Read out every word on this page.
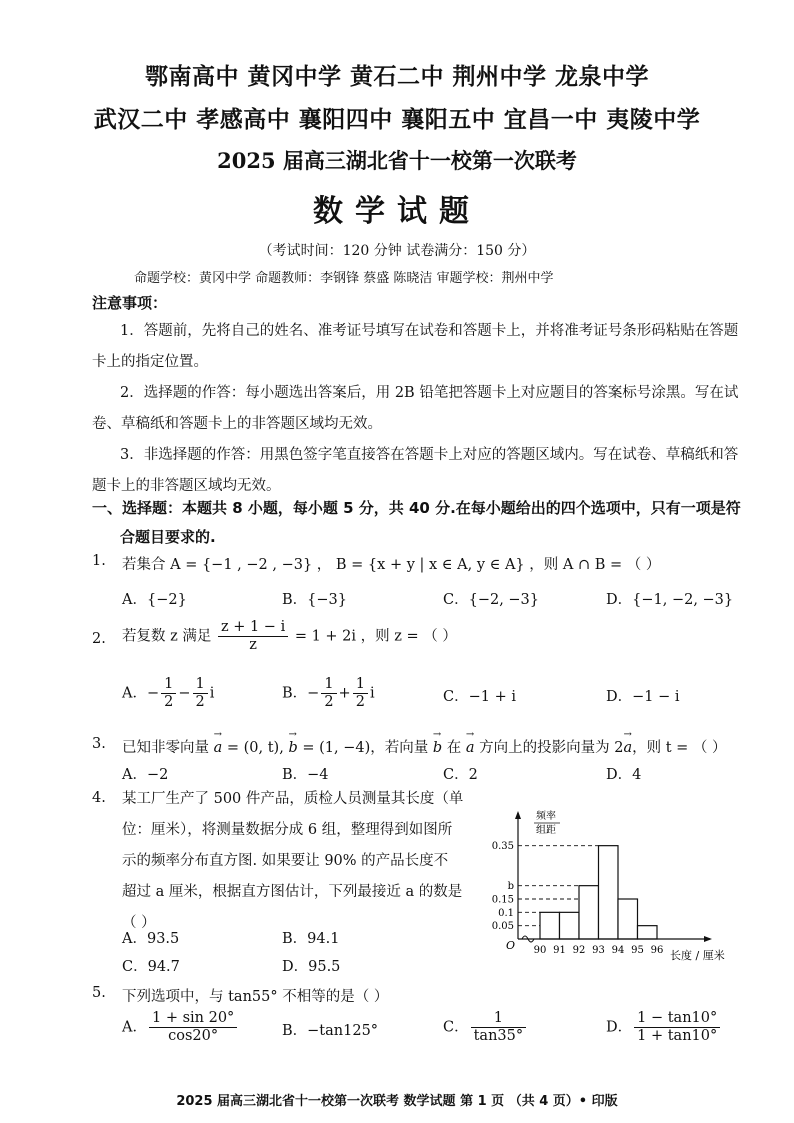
鄂南高中 黄冈中学 黄石二中 荆州中学 龙泉中学
武汉二中 孝感高中 襄阳四中 襄阳五中 宜昌一中 夷陵中学
2025 届高三湖北省十一校第一次联考
数学试题
（考试时间：120 分钟 试卷满分：150 分）
命题学校：黄冈中学 命题教师：李钢锋 蔡盛 陈晓洁 审题学校：荆州中学
注意事项：
1．答题前，先将自己的姓名、准考证号填写在试卷和答题卡上，并将准考证号条形码粘贴在答题卡上的指定位置。
2．选择题的作答：每小题选出答案后，用 2B 铅笔把答题卡上对应题目的答案标号涂黑。写在试卷、草稿纸和答题卡上的非答题区域均无效。
3．非选择题的作答：用黑色签字笔直接答在答题卡上对应的答题区域内。写在试卷、草稿纸和答题卡上的非答题区域均无效。
一、选择题：本题共 8 小题，每小题 5 分，共 40 分.在每小题给出的四个选项中，只有一项是符合题目要求的.
1. 若集合 A = {−1 , −2 , −3} ， B = {x + y | x ∈ A, y ∈ A} ，则 A ∩ B = （ ）
A．{−2}	B．{−3}	C．{−2, −3}	D．{−1, −2, −3}
2. 若复数 z 满足 $\frac{z + 1 - i}{z} = 1 + 2i$ ，则 z = （ ）
A．− $\frac{1}{2} - \frac{1}{2}$ i	B．− $\frac{1}{2} + \frac{1}{2}$ i	C．−1 + i	D．−1 − i
3. 已知非零向量 → a = (0, t), → b = (1, −4)，若向量 → b 在 → a 方向上的投影向量为 2→ a，则 t = （ ）
A．−2	B．−4	C．2	D．4
4. 某工厂生产了 500 件产品，质检人员测量其长度（单
位：厘米），将测量数据分成 6 组，整理得到如图所
示的频率分布直方图. 如果要让 90% 的产品长度不
超过 a 厘米，根据直方图估计，下列最接近 a 的数是
（ ）
A．93.5	B．94.1
C．94.7	D．95.5
0.35
b
0.15
0.1
0.05
90 91 92 93 94 95 96
频率
组距
长度 / 厘米
O
5. 下列选项中，与 tan55° 不相等的是（ ）
A． $\frac{1 + \sin 20^\circ}{\cos 20^\circ}$	B．−tan125°	C． $\frac{1}{\tan 35^\circ}$	D． $\frac{1 - \tan 10^\circ}{1 + \tan 10^\circ}$
2025 届高三湖北省十一校第一次联考 数学试题 第 1 页 （共 4 页）• 印版
